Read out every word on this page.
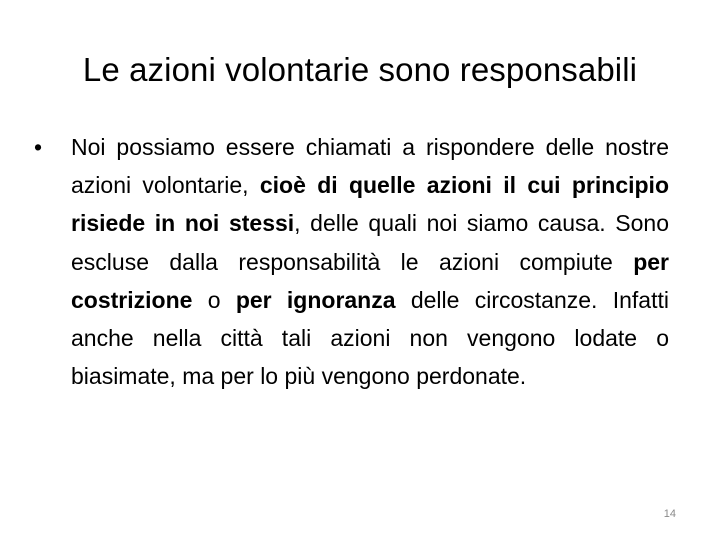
Le azioni volontarie sono responsabili
• Noi possiamo essere chiamati a rispondere delle nostre azioni volontarie, cioè di quelle azioni il cui principio risiede in noi stessi, delle quali noi siamo causa. Sono escluse dalla responsabilità le azioni compiute per costrizione o per ignoranza delle circostanze. Infatti anche nella città tali azioni non vengono lodate o biasimate, ma per lo più vengono perdonate.

14
